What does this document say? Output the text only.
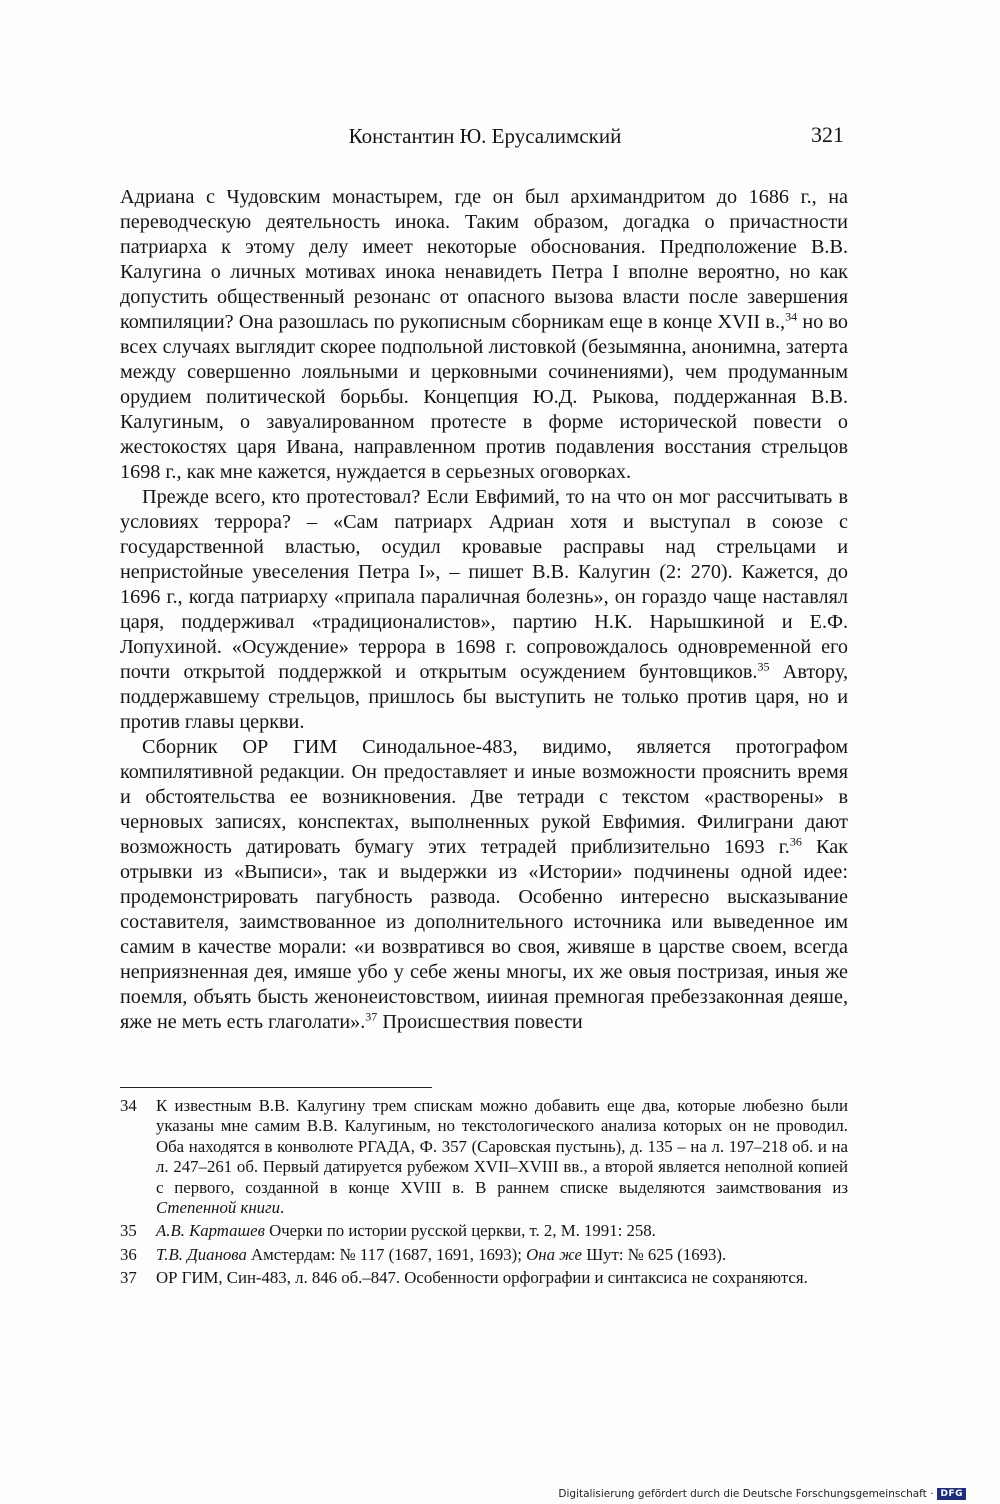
Константин Ю. Ерусалимский	321

Адриана с Чудовским монастырем, где он был архимандритом до 1686 г., на переводческую деятельность инока. Таким образом, догадка о причастности патриарха к этому делу имеет некоторые обоснования. Предположение В.В. Калугина о личных мотивах инока ненавидеть Петра I вполне вероятно, но как допустить общественный резонанс от опасного вызова власти после завершения компиляции? Она разошлась по рукописным сборникам еще в конце XVII в.,$^{34}$ но во всех случаях выглядит скорее подпольной листовкой (безымянна, анонимна, затерта между совершенно лояльными и церковными сочинениями), чем продуманным орудием политической борьбы. Концепция Ю.Д. Рыкова, поддержанная В.В. Калугиным, о завуалированном протесте в форме исторической повести о жестокостях царя Ивана, направленном против подавления восстания стрельцов 1698 г., как мне кажется, нуждается в серьезных оговорках.

Прежде всего, кто протестовал? Если Евфимий, то на что он мог рассчитывать в условиях террора? – «Сам патриарх Адриан хотя и выступал в союзе с государственной властью, осудил кровавые расправы над стрельцами и непристойные увеселения Петра I», – пишет В.В. Калугин (2: 270). Кажется, до 1696 г., когда патриарху «припала параличная болезнь», он гораздо чаще наставлял царя, поддерживал «традиционалистов», партию Н.К. Нарышкиной и Е.Ф. Лопухиной. «Осуждение» террора в 1698 г. сопровождалось одновременной его почти открытой поддержкой и открытым осуждением бунтовщиков.$^{35}$ Автору, поддержавшему стрельцов, пришлось бы выступить не только против царя, но и против главы церкви.

Сборник ОР ГИМ Синодальное-483, видимо, является протографом компилятивной редакции. Он предоставляет и иные возможности прояснить время и обстоятельства ее возникновения. Две тетради с текстом «растворены» в черновых записях, конспектах, выполненных рукой Евфимия. Филиграни дают возможность датировать бумагу этих тетрадей приблизительно 1693 г.$^{36}$ Как отрывки из «Выписи», так и выдержки из «Истории» подчинены одной идее: продемонстрировать пагубность развода. Особенно интересно высказывание составителя, заимствованное из дополнительного источника или выведенное им самим в качестве морали: «и возвратився во своя, живяше в царстве своем, всегда неприязненная дея, имяше убо у себе жены многы, их же овыя постризая, иныя же поемля, объять бысть женонеистовством, иииная премногая пребеззаконная деяше, яже не меть есть глаголати».$^{37}$ Происшествия повести

34	К известным В.В. Калугину трем спискам можно добавить еще два, которые любезно были указаны мне самим В.В. Калугиным, но текстологического анализа которых он не проводил. Оба находятся в конволюте РГАДА, Ф. 357 (Саровская пустынь), д. 135 – на л. 197–218 об. и на л. 247–261 об. Первый датируется рубежом XVII–XVIII вв., а второй является неполной копией с первого, созданной в конце XVIII в. В раннем списке выделяются заимствования из Степенной книги.
35	А.В. Карташев Очерки по истории русской церкви, т. 2, М. 1991: 258.
36	Т.В. Дианова Амстердам: № 117 (1687, 1691, 1693); Она же Шут: № 625 (1693).
37	ОР ГИМ, Син-483, л. 846 об.–847. Особенности орфографии и синтаксиса не сохраняются.
Digitalisierung gefördert durch die Deutsche Forschungsgemeinschaft · DFG
